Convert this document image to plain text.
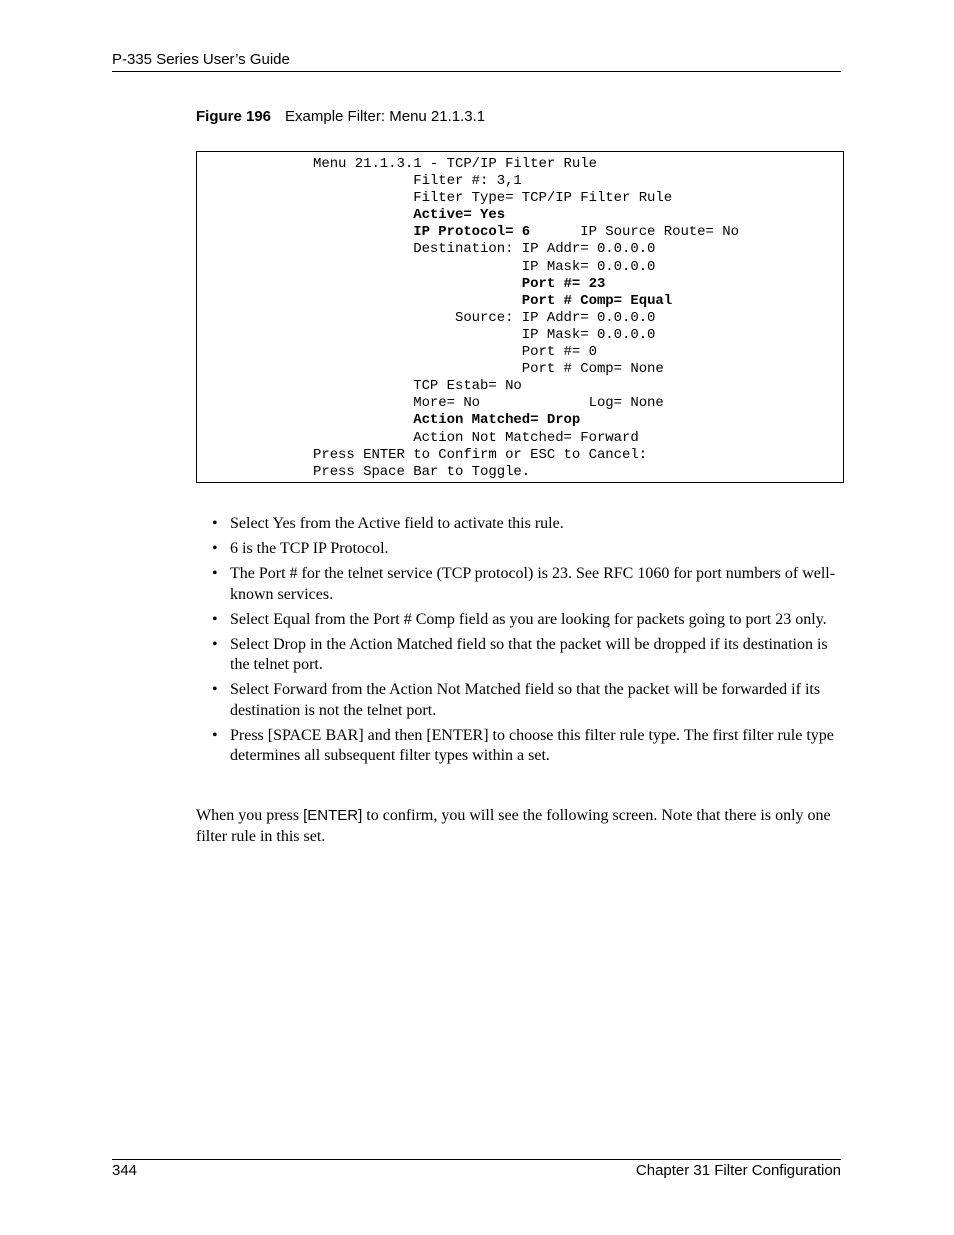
P-335 Series User’s Guide
Figure 196 Example Filter: Menu 21.1.3.1
Menu 21.1.3.1 - TCP/IP Filter Rule
Filter #: 3,1
Filter Type= TCP/IP Filter Rule
Active= Yes
IP Protocol= 6      IP Source Route= No
Destination: IP Addr= 0.0.0.0
IP Mask= 0.0.0.0
Port #= 23
Port # Comp= Equal
Source: IP Addr= 0.0.0.0
IP Mask= 0.0.0.0
Port #= 0
Port # Comp= None
TCP Estab= No
More= No             Log= None
Action Matched= Drop
Action Not Matched= Forward
Press ENTER to Confirm or ESC to Cancel:
Press Space Bar to Toggle.
• Select Yes from the Active field to activate this rule.
• 6 is the TCP IP Protocol.
• The Port # for the telnet service (TCP protocol) is 23. See RFC 1060 for port numbers of well-known services.
• Select Equal from the Port # Comp field as you are looking for packets going to port 23 only.
• Select Drop in the Action Matched field so that the packet will be dropped if its destination is the telnet port.
• Select Forward from the Action Not Matched field so that the packet will be forwarded if its destination is not the telnet port.
• Press [SPACE BAR] and then [ENTER] to choose this filter rule type. The first filter rule type determines all subsequent filter types within a set.

When you press [ENTER] to confirm, you will see the following screen. Note that there is only one filter rule in this set.

344	Chapter 31 Filter Configuration
